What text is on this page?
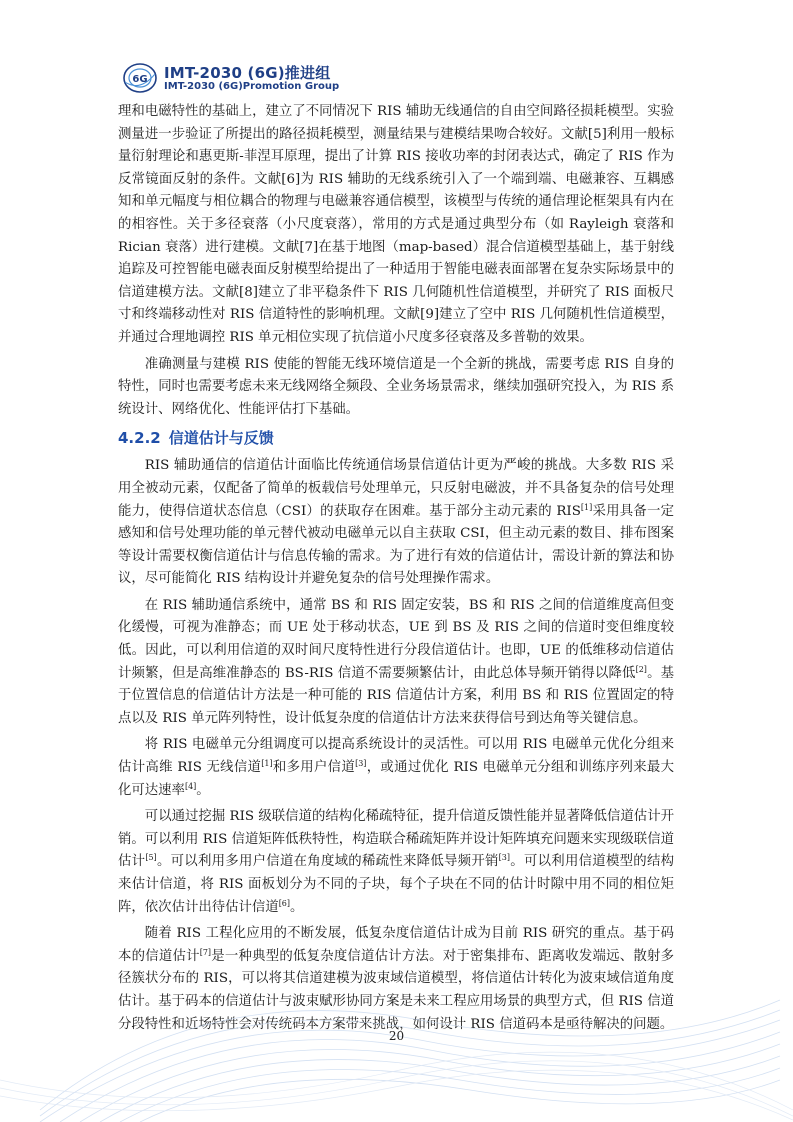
6G IMT-2030 (6G)推进组
IMT-2030 (6G)Promotion Group

理和电磁特性的基础上，建立了不同情况下 RIS 辅助无线通信的自由空间路径损耗模型。实验测量进一步验证了所提出的路径损耗模型，测量结果与建模结果吻合较好。文献[5]利用一般标量衍射理论和惠更斯-菲涅耳原理，提出了计算 RIS 接收功率的封闭表达式，确定了 RIS 作为反常镜面反射的条件。文献[6]为 RIS 辅助的无线系统引入了一个端到端、电磁兼容、互耦感知和单元幅度与相位耦合的物理与电磁兼容通信模型，该模型与传统的通信理论框架具有内在的相容性。关于多径衰落（小尺度衰落），常用的方式是通过典型分布（如 Rayleigh 衰落和 Rician 衰落）进行建模。文献[7]在基于地图（map-based）混合信道模型基础上，基于射线追踪及可控智能电磁表面反射模型给提出了一种适用于智能电磁表面部署在复杂实际场景中的信道建模方法。文献[8]建立了非平稳条件下 RIS 几何随机性信道模型，并研究了 RIS 面板尺寸和终端移动性对 RIS 信道特性的影响机理。文献[9]建立了空中 RIS 几何随机性信道模型，并通过合理地调控 RIS 单元相位实现了抗信道小尺度多径衰落及多普勒的效果。

准确测量与建模 RIS 使能的智能无线环境信道是一个全新的挑战，需要考虑 RIS 自身的特性，同时也需要考虑未来无线网络全频段、全业务场景需求，继续加强研究投入，为 RIS 系统设计、网络优化、性能评估打下基础。

4.2.2 信道估计与反馈

RIS 辅助通信的信道估计面临比传统通信场景信道估计更为严峻的挑战。大多数 RIS 采用全被动元素，仅配备了简单的板载信号处理单元，只反射电磁波，并不具备复杂的信号处理能力，使得信道状态信息（CSI）的获取存在困难。基于部分主动元素的 RIS[1]采用具备一定感知和信号处理功能的单元替代被动电磁单元以自主获取 CSI，但主动元素的数目、排布图案等设计需要权衡信道估计与信息传输的需求。为了进行有效的信道估计，需设计新的算法和协议，尽可能简化 RIS 结构设计并避免复杂的信号处理操作需求。

在 RIS 辅助通信系统中，通常 BS 和 RIS 固定安装，BS 和 RIS 之间的信道维度高但变化缓慢，可视为准静态；而 UE 处于移动状态，UE 到 BS 及 RIS 之间的信道时变但维度较低。因此，可以利用信道的双时间尺度特性进行分段信道估计。也即，UE 的低维移动信道估计频繁，但是高维准静态的 BS-RIS 信道不需要频繁估计，由此总体导频开销得以降低[2]。基于位置信息的信道估计方法是一种可能的 RIS 信道估计方案，利用 BS 和 RIS 位置固定的特点以及 RIS 单元阵列特性，设计低复杂度的信道估计方法来获得信号到达角等关键信息。

将 RIS 电磁单元分组调度可以提高系统设计的灵活性。可以用 RIS 电磁单元优化分组来估计高维 RIS 无线信道[1]和多用户信道[3]，或通过优化 RIS 电磁单元分组和训练序列来最大化可达速率[4]。

可以通过挖掘 RIS 级联信道的结构化稀疏特征，提升信道反馈性能并显著降低信道估计开销。可以利用 RIS 信道矩阵低秩特性，构造联合稀疏矩阵并设计矩阵填充问题来实现级联信道估计[5]。可以利用多用户信道在角度域的稀疏性来降低导频开销[3]。可以利用信道模型的结构来估计信道，将 RIS 面板划分为不同的子块，每个子块在不同的估计时隙中用不同的相位矩阵，依次估计出待估计信道[6]。

随着 RIS 工程化应用的不断发展，低复杂度信道估计成为目前 RIS 研究的重点。基于码本的信道估计[7]是一种典型的低复杂度信道估计方法。对于密集排布、距离收发端远、散射多径簇状分布的 RIS，可以将其信道建模为波束域信道模型，将信道估计转化为波束域信道角度估计。基于码本的信道估计与波束赋形协同方案是未来工程应用场景的典型方式，但 RIS 信道分段特性和近场特性会对传统码本方案带来挑战，如何设计 RIS 信道码本是亟待解决的问题。

20
